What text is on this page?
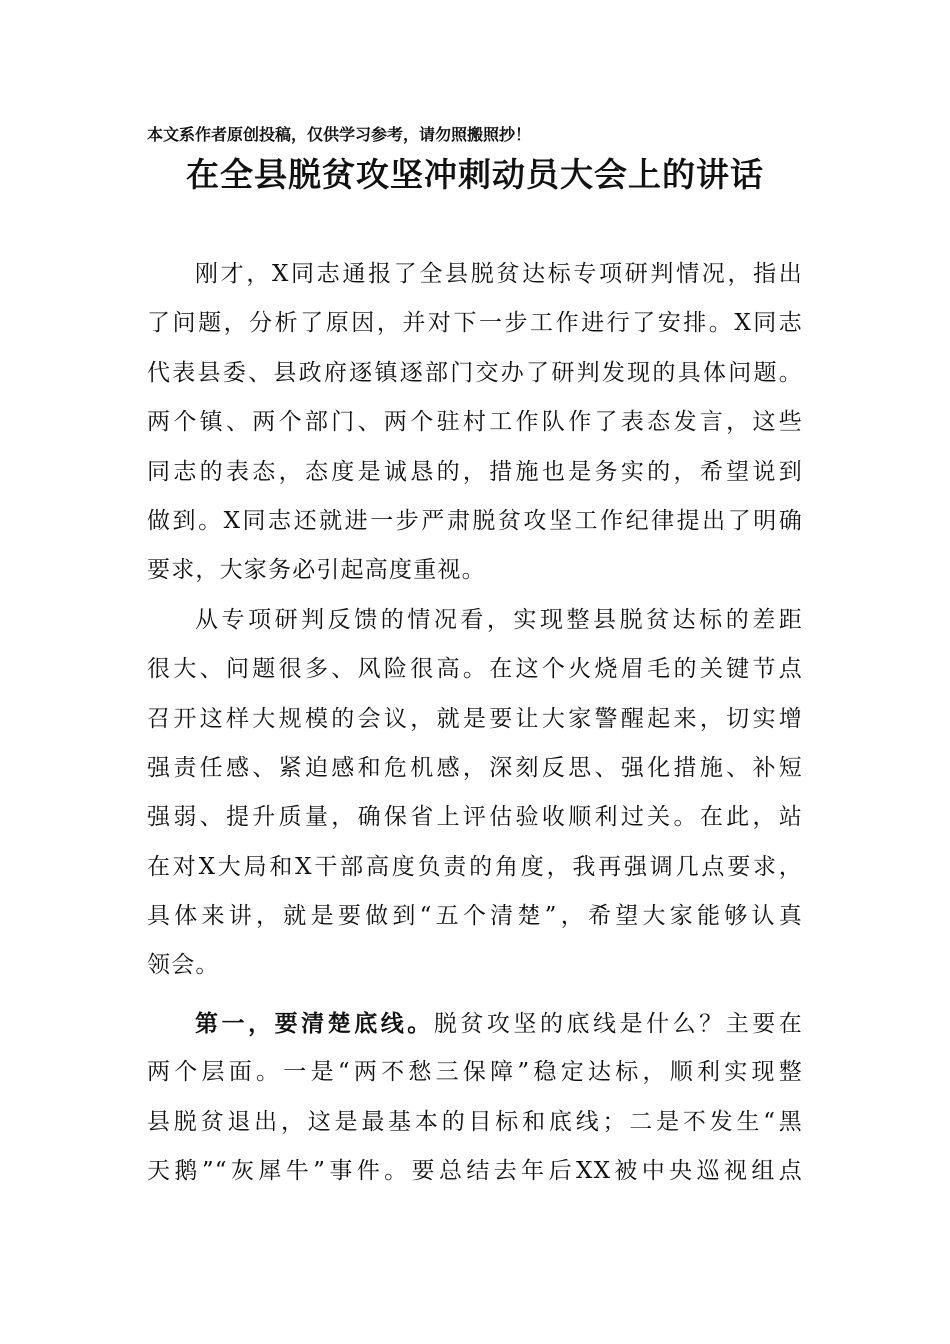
本文系作者原创投稿，仅供学习参考，请勿照搬照抄！
在全县脱贫攻坚冲刺动员大会上的讲话
刚才，X同志通报了全县脱贫达标专项研判情况，指出
了问题，分析了原因，并对下一步工作进行了安排。X同志
代表县委、县政府逐镇逐部门交办了研判发现的具体问题。
两个镇、两个部门、两个驻村工作队作了表态发言，这些
同志的表态，态度是诚恳的，措施也是务实的，希望说到
做到。X同志还就进一步严肃脱贫攻坚工作纪律提出了明确
要求，大家务必引起高度重视。
从专项研判反馈的情况看，实现整县脱贫达标的差距
很大、问题很多、风险很高。在这个火烧眉毛的关键节点
召开这样大规模的会议，就是要让大家警醒起来，切实增
强责任感、紧迫感和危机感，深刻反思、强化措施、补短
强弱、提升质量，确保省上评估验收顺利过关。在此，站
在对X大局和X干部高度负责的角度，我再强调几点要求，
具体来讲，就是要做到“五个清楚”，希望大家能够认真
领会。
第一，要清楚底线。脱贫攻坚的底线是什么？主要在
两个层面。一是“两不愁三保障”稳定达标，顺利实现整
县脱贫退出，这是最基本的目标和底线；二是不发生“黑
天鹅”“灰犀牛”事件。要总结去年后XX被中央巡视组点
